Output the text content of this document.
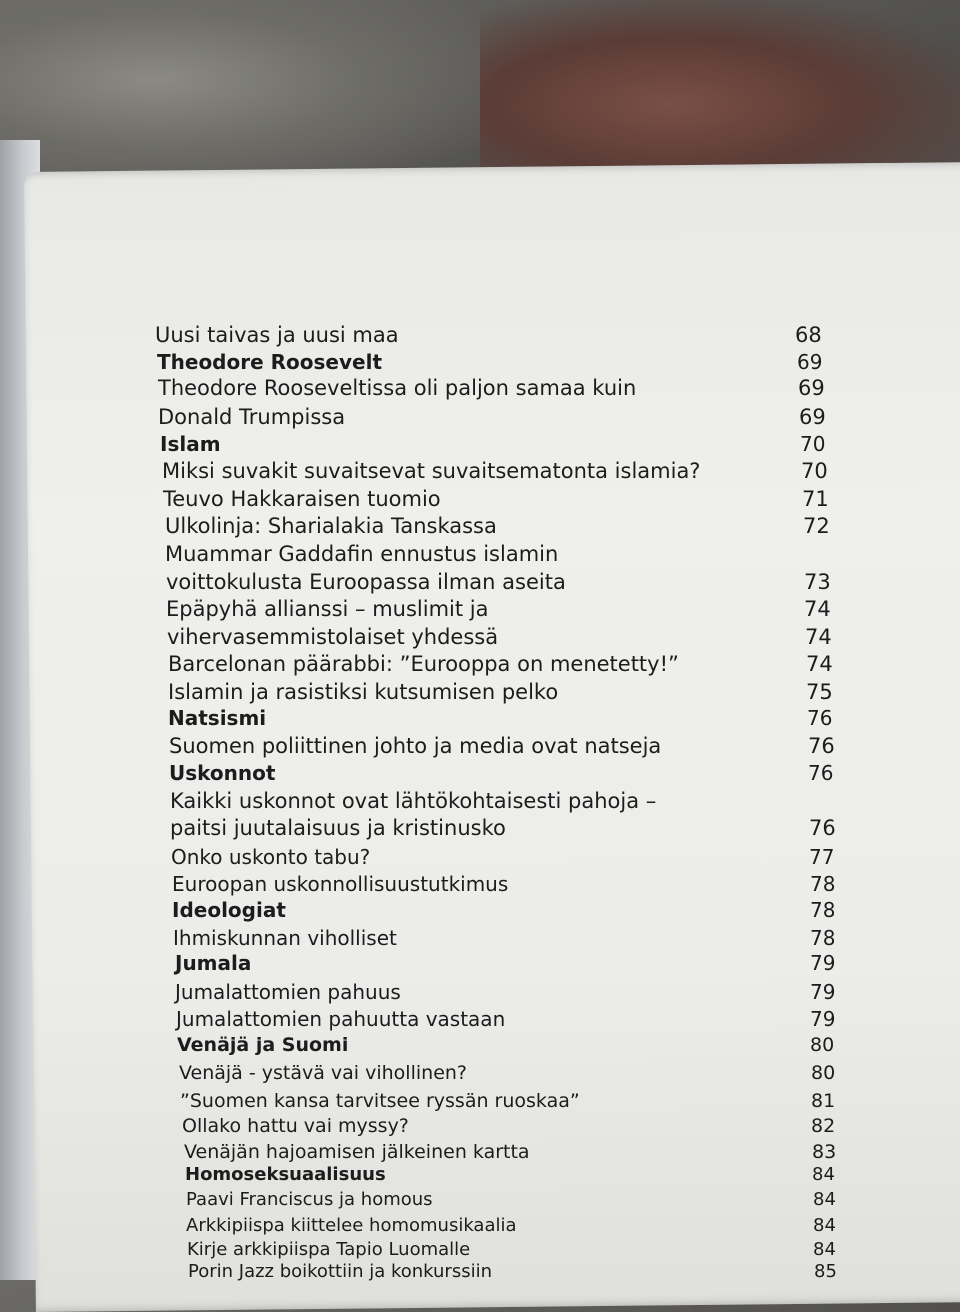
Uusi taivas ja uusi maa	68
Theodore Roosevelt	69
Theodore Rooseveltissa oli paljon samaa kuin	69
Donald Trumpissa	69
Islam	70
Miksi suvakit suvaitsevat suvaitsematonta islamia?	70
Teuvo Hakkaraisen tuomio	71
Ulkolinja: Sharialakia Tanskassa	72
Muammar Gaddafin ennustus islamin
voittokulusta Euroopassa ilman aseita	73
Epäpyhä allianssi – muslimit ja	74
vihervasemmistolaiset yhdessä	74
Barcelonan päärabbi: ”Eurooppa on menetetty!”	74
Islamin ja rasistiksi kutsumisen pelko	75
Natsismi	76
Suomen poliittinen johto ja media ovat natseja	76
Uskonnot	76
Kaikki uskonnot ovat lähtökohtaisesti pahoja –
paitsi juutalaisuus ja kristinusko	76
Onko uskonto tabu?	77
Euroopan uskonnollisuustutkimus	78
Ideologiat	78
Ihmiskunnan viholliset	78
Jumala	79
Jumalattomien pahuus	79
Jumalattomien pahuutta vastaan	79
Venäjä ja Suomi	80
Venäjä - ystävä vai vihollinen?	80
”Suomen kansa tarvitsee ryssän ruoskaa”	81
Ollako hattu vai myssy?	82
Venäjän hajoamisen jälkeinen kartta	83
Homoseksuaalisuus	84
Paavi Franciscus ja homous	84
Arkkipiispa kiittelee homomusikaalia	84
Kirje arkkipiispa Tapio Luomalle	84
Porin Jazz boikottiin ja konkurssiin	85
